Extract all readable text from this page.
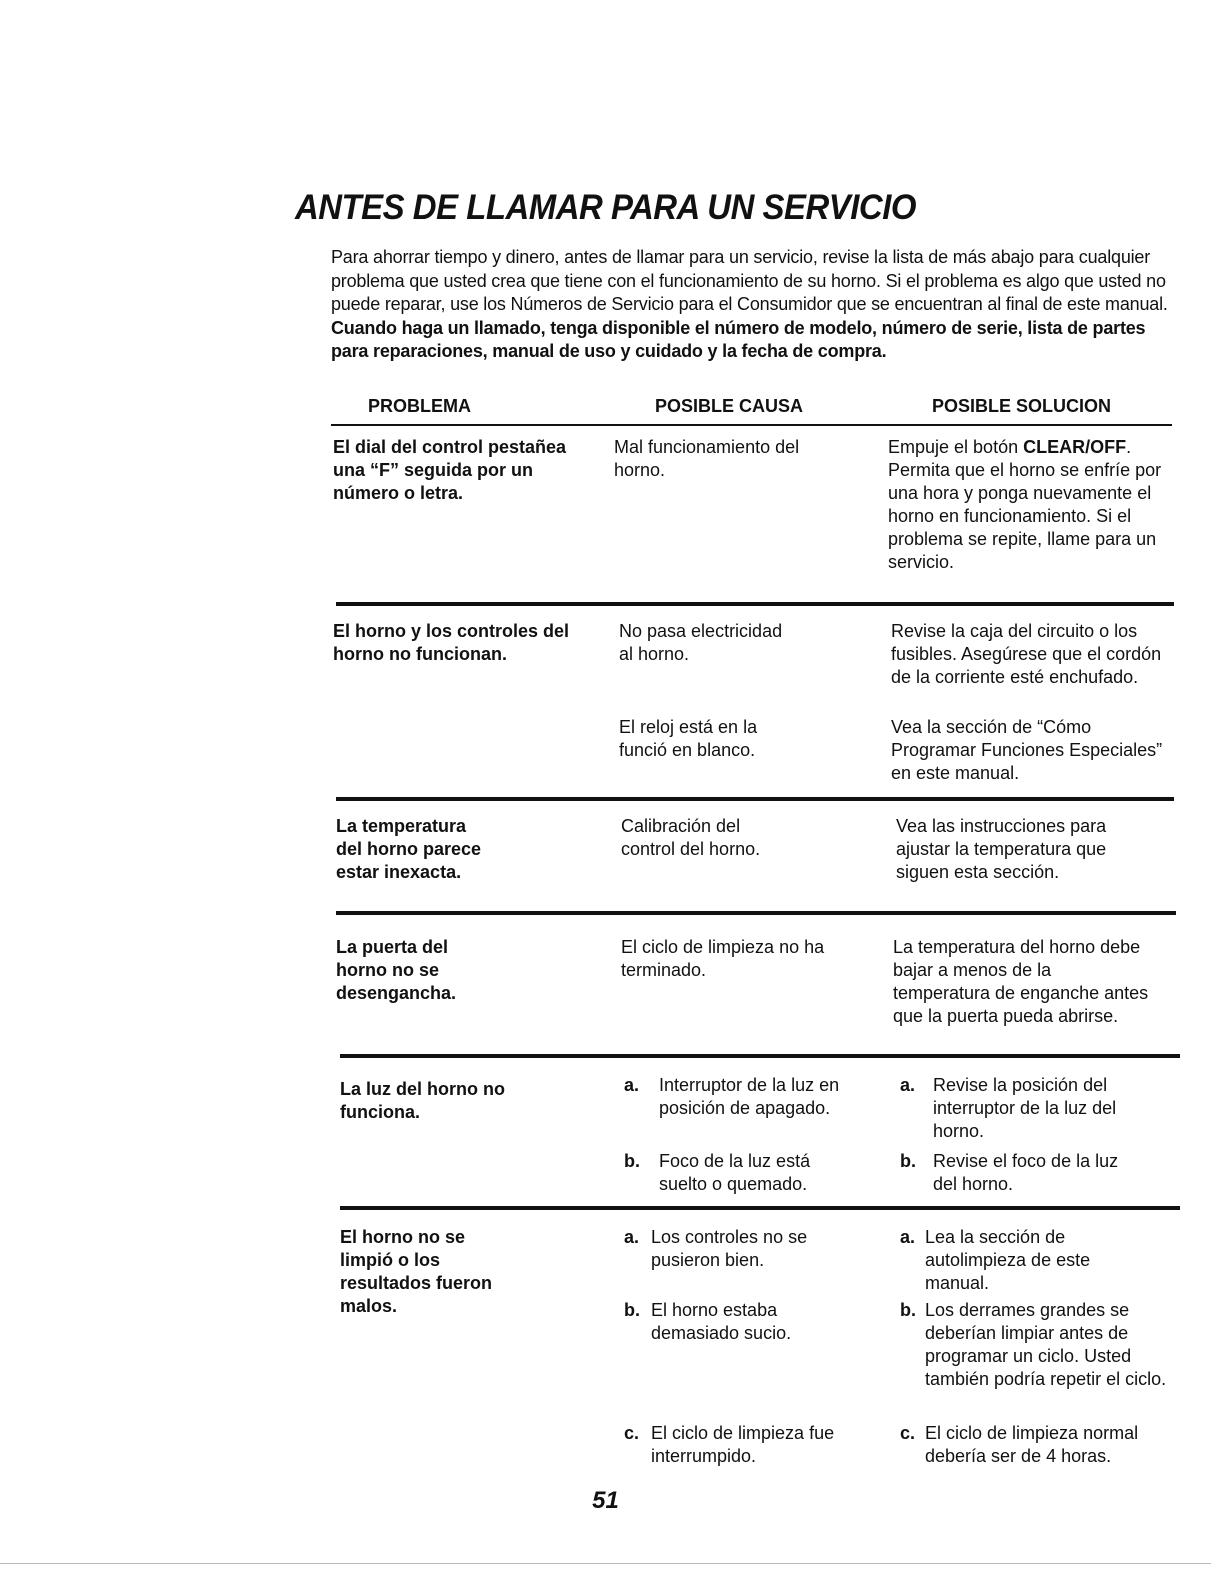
ANTES DE LLAMAR PARA UN SERVICIO

Para ahorrar tiempo y dinero, antes de llamar para un servicio, revise la lista de más abajo para cualquier problema que usted crea que tiene con el funcionamiento de su horno. Si el problema es algo que usted no puede reparar, use los Números de Servicio para el Consumidor que se encuentran al final de este manual. Cuando haga un llamado, tenga disponible el número de modelo, número de serie, lista de partes para reparaciones, manual de uso y cuidado y la fecha de compra.

PROBLEMA	POSIBLE CAUSA	POSIBLE SOLUCION

El dial del control pestañea una “F” seguida por un número o letra.

Mal funcionamiento del horno.

Empuje el botón CLEAR/OFF. Permita que el horno se enfríe por una hora y ponga nuevamente el horno en funcionamiento. Si el problema se repite, llame para un servicio.

El horno y los controles del horno no funcionan.

No pasa electricidad al horno.

Revise la caja del circuito o los fusibles. Asegúrese que el cordón de la corriente esté enchufado.

El reloj está en la funció en blanco.

Vea la sección de “Cómo Programar Funciones Especiales” en este manual.

La temperatura del horno parece estar inexacta.

Calibración del control del horno.

Vea las instrucciones para ajustar la temperatura que siguen esta sección.

La puerta del horno no se desengancha.

El ciclo de limpieza no ha terminado.

La temperatura del horno debe bajar a menos de la temperatura de enganche antes que la puerta pueda abrirse.

La luz del horno no funciona.

a. Interruptor de la luz en posición de apagado.
b. Foco de la luz está suelto o quemado.
a. Revise la posición del interruptor de la luz del horno.
b. Revise el foco de la luz del horno.

El horno no se limpió o los resultados fueron malos.

a. Los controles no se pusieron bien.
b. El horno estaba demasiado sucio.
c. El ciclo de limpieza fue interrumpido.
a. Lea la sección de autolimpieza de este manual.
b. Los derrames grandes se deberían limpiar antes de programar un ciclo. Usted también podría repetir el ciclo.
c. El ciclo de limpieza normal debería ser de 4 horas.
51
